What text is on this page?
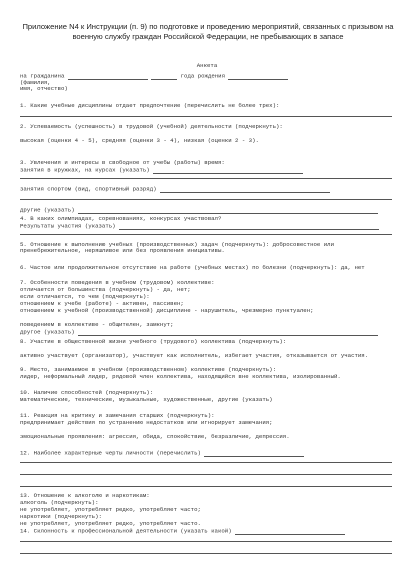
Приложение N4 к Инструкции (п. 9) по подготовке и проведению мероприятий, связанных с призывом на военную службу граждан Российской Федерации, не пребывающих в запасе
Анкета
на гражданина	года рождения
(фамилия,
имя, отчество)
1. Какие учебные дисциплины отдает предпочтение (перечислить не более трех):
2. Успеваемость (успешность) в трудовой (учебной) деятельности (подчеркнуть):
высокая (оценки 4 - 5), средняя (оценки 3 - 4), низкая (оценки 2 - 3).
3. Увлечения и интересы в свободное от учебы (работы) время:
занятия в кружках, на курсах (указать)
занятия спортом (вид, спортивный разряд)
другие (указать)
4. В каких олимпиадах, соревнованиях, конкурсах участвовал?
Результаты участия (указать)
5. Отношение к выполнению учебных (производственных) задач (подчеркнуть): добросовестное или пренебрежительное, неряшливое или без проявления инициативы.
6. Частое или продолжительное отсутствие на работе (учебных местах) по болезни (подчеркнуть): да, нет
7. Особенности поведения в учебном (трудовом) коллективе:
отличается от большинства (подчеркнуть) - да, нет;
если отличается, то чем (подчеркнуть):
отношением к учебе (работе) - активен, пассивен;
отношением к учебной (производственной) дисциплине - нарушитель, чрезмерно пунктуален;
поведением в коллективе - общителен, замкнут;
другое (указать)
8. Участие в общественной жизни учебного (трудового) коллектива (подчеркнуть):
активно участвует (организатор), участвует как исполнитель, избегает участия, отказывается от участия.
9. Место, занимаемое в учебном (производственном) коллективе (подчеркнуть):
лидер, неформальный лидер, рядовой член коллектива, находящийся вне коллектива, изолированный.
10. Наличие способностей (подчеркнуть):
математические, технические, музыкальные, художественные, другие (указать)
11. Реакция на критику и замечания старших (подчеркнуть):
предпринимает действия по устранению недостатков или игнорирует замечания;
эмоциональные проявления: агрессия, обида, спокойствие, безразличие, депрессия.
12. Наиболее характерные черты личности (перечислить)
13. Отношение к алкоголю и наркотикам:
алкоголь (подчеркнуть):
не употребляет, употребляет редко, употребляет часто;
наркотики (подчеркнуть):
не употребляет, употребляет редко, употребляет часто.
14. Склонность к профессиональной деятельности (указать какой)
